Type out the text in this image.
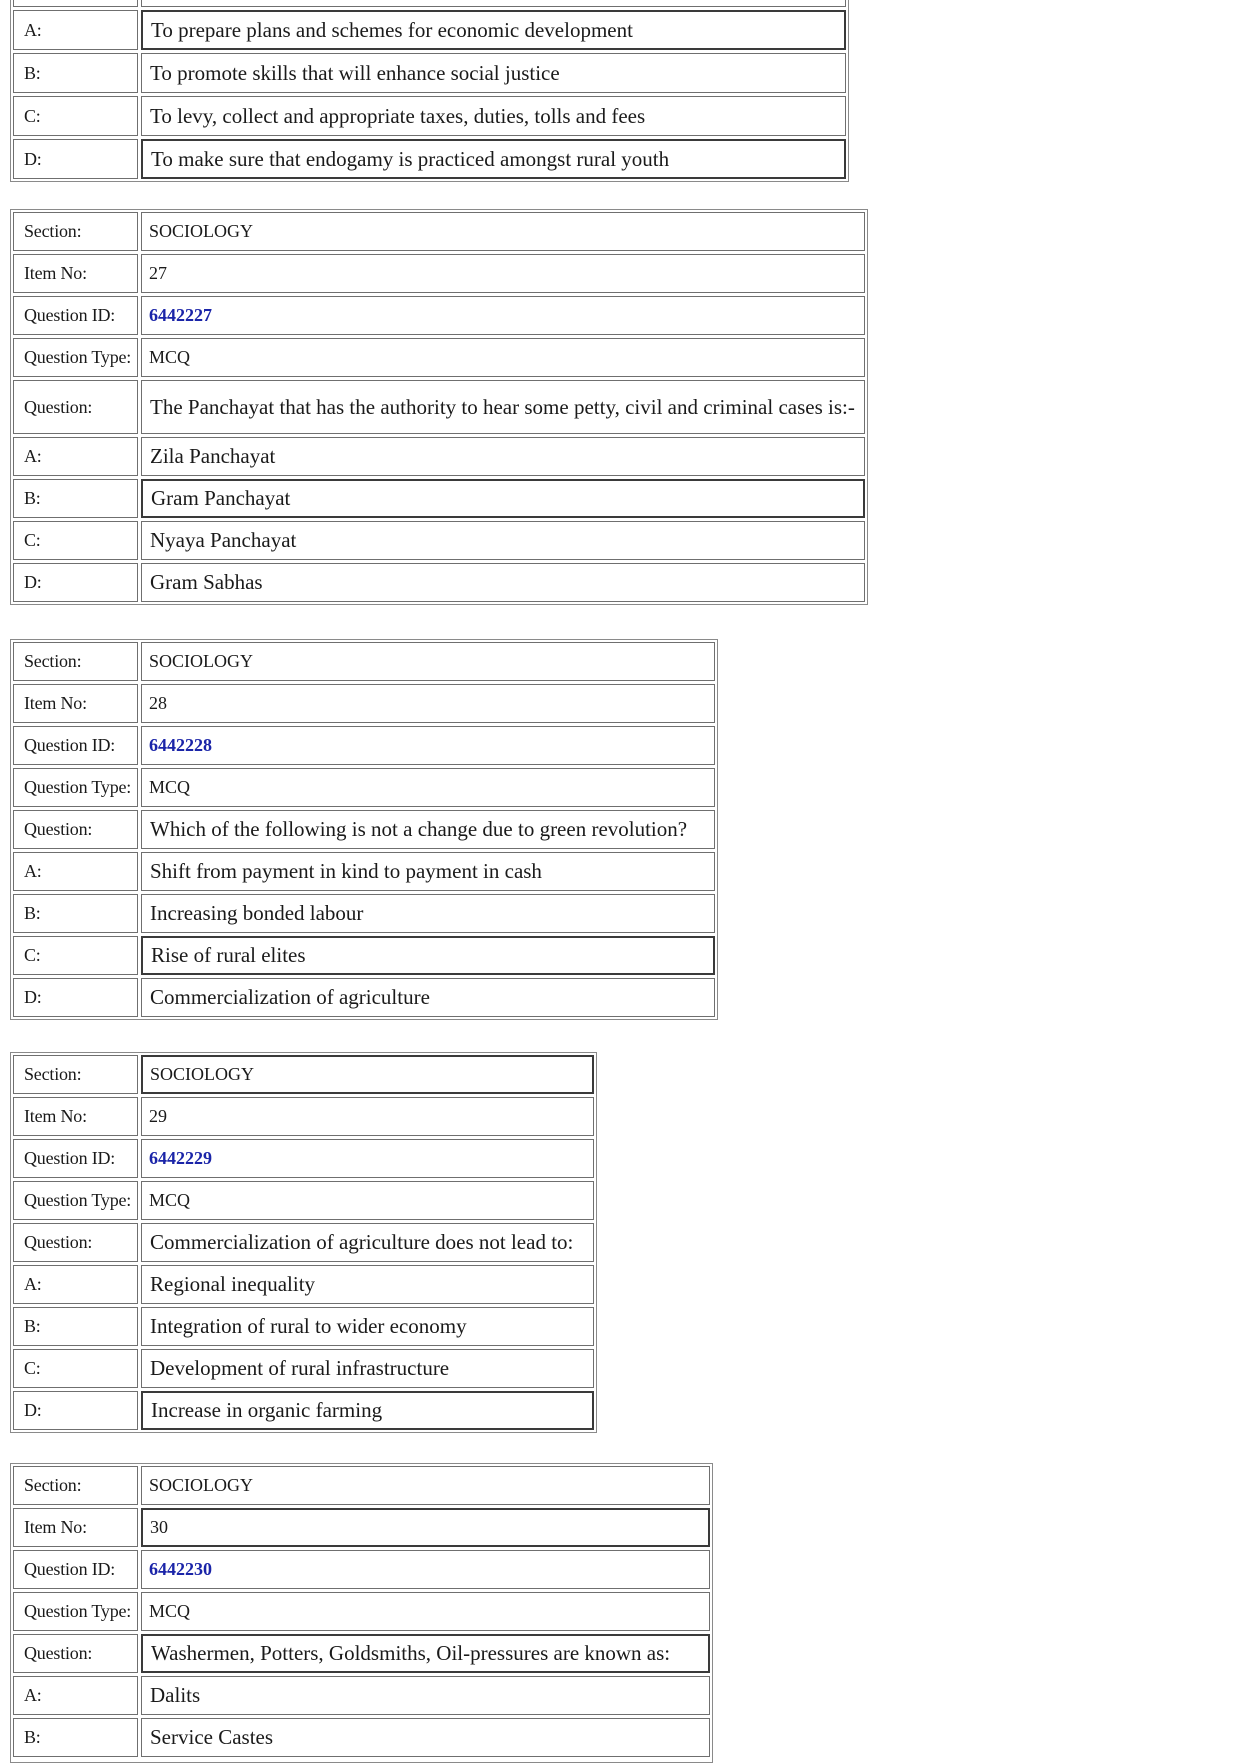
A:	To prepare plans and schemes for economic development
B:	To promote skills that will enhance social justice
C:	To levy, collect and appropriate taxes, duties, tolls and fees
D:	To make sure that endogamy is practiced amongst rural youth
Section:	SOCIOLOGY
Item No:	27
Question ID:	6442227
Question Type: MCQ
Question:	The Panchayat that has the authority to hear some petty, civil and criminal cases is:-
A:	Zila Panchayat
B:	Gram Panchayat
C:	Nyaya Panchayat
D:	Gram Sabhas
Section:	SOCIOLOGY
Item No:	28
Question ID:	6442228
Question Type: MCQ
Question:	Which of the following is not a change due to green revolution?
A:	Shift from payment in kind to payment in cash
B:	Increasing bonded labour
C:	Rise of rural elites
D:	Commercialization of agriculture
Section:	SOCIOLOGY
Item No:	29
Question ID:	6442229
Question Type: MCQ
Question:	Commercialization of agriculture does not lead to:
A:	Regional inequality
B:	Integration of rural to wider economy
C:	Development of rural infrastructure
D:	Increase in organic farming
Section:	SOCIOLOGY
Item No:	30
Question ID:	6442230
Question Type: MCQ
Question:	Washermen, Potters, Goldsmiths, Oil-pressures are known as:
A:	Dalits
B:	Service Castes
